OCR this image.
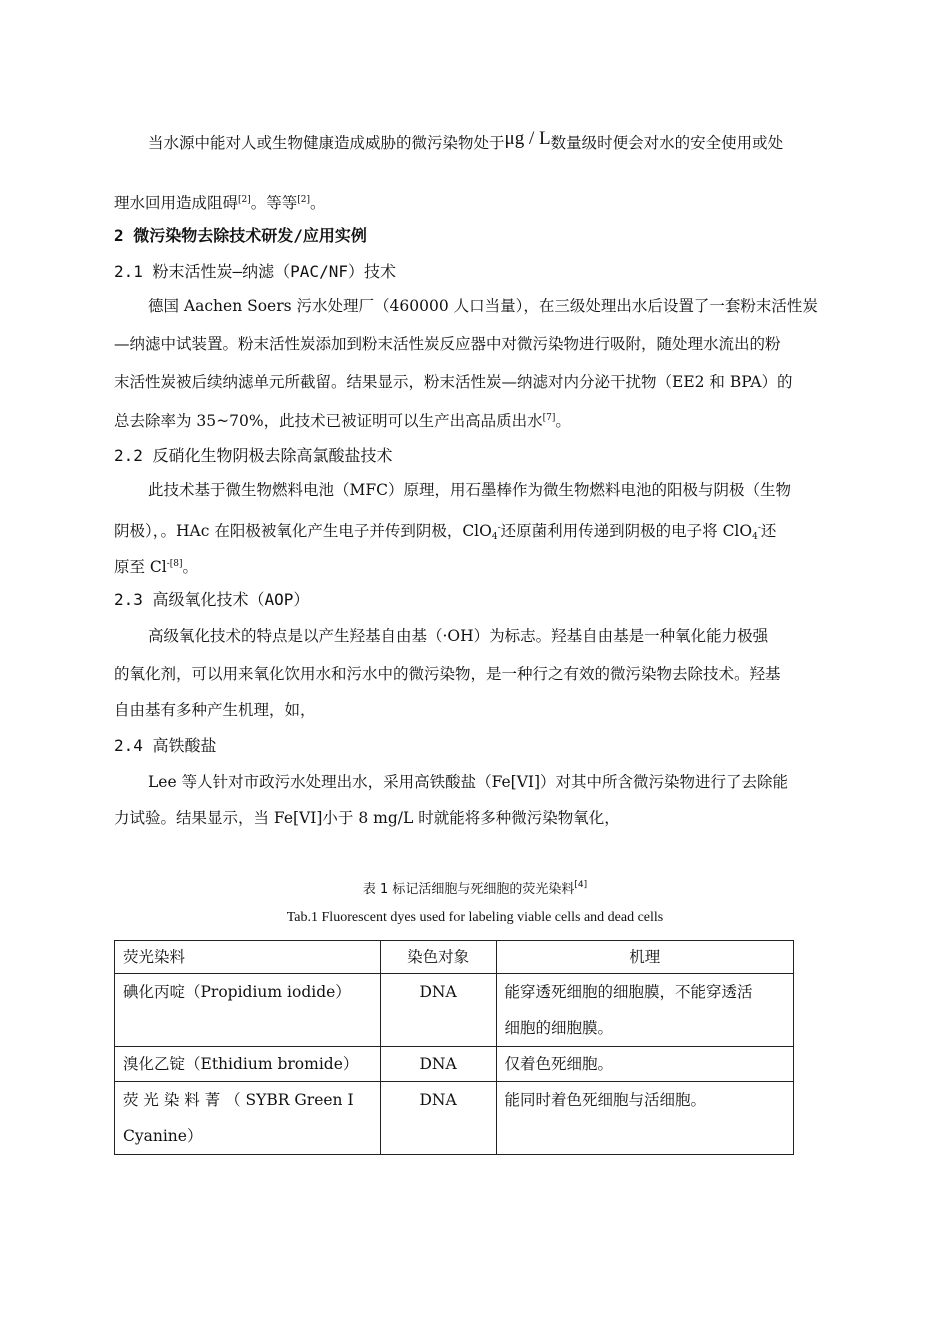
当水源中能对人或生物健康造成威胁的微污染物处于μg / L数量级时便会对水的安全使用或处
理水回用造成阻碍[2]。等等[2]。
2 微污染物去除技术研发/应用实例
2.1 粉末活性炭—纳滤（PAC/NF）技术
德国 Aachen Soers 污水处理厂（460000 人口当量），在三级处理出水后设置了一套粉末活性炭
—纳滤中试装置。粉末活性炭添加到粉末活性炭反应器中对微污染物进行吸附，随处理水流出的粉
末活性炭被后续纳滤单元所截留。结果显示，粉末活性炭—纳滤对内分泌干扰物（EE2 和 BPA）的
总去除率为 35~70%，此技术已被证明可以生产出高品质出水[7]。
2.2 反硝化生物阴极去除高氯酸盐技术
此技术基于微生物燃料电池（MFC）原理，用石墨棒作为微生物燃料电池的阳极与阴极（生物
阴极），。HAc 在阳极被氧化产生电子并传到阴极，ClO$_4$-还原菌利用传递到阴极的电子将 ClO$_4$-还
原至 $Cl^{-[8]}$。
2.3 高级氧化技术（AOP）
高级氧化技术的特点是以产生羟基自由基（·OH）为标志。羟基自由基是一种氧化能力极强
的氧化剂，可以用来氧化饮用水和污水中的微污染物，是一种行之有效的微污染物去除技术。羟基
自由基有多种产生机理，如，
2.4 高铁酸盐
Lee 等人针对市政污水处理出水，采用高铁酸盐（Fe[VI]）对其中所含微污染物进行了去除能
力试验。结果显示，当 Fe[VI]小于 8 mg/L 时就能将多种微污染物氧化，
表 1 标记活细胞与死细胞的荧光染料[4]
Tab.1 Fluorescent dyes used for labeling viable cells and dead cells
荧光染料	染色对象	机理
碘化丙啶（Propidium iodide）	DNA	能穿透死细胞的细胞膜，不能穿透活
细胞的细胞膜。

溴化乙锭（Ethidium bromide）	DNA	仅着色死细胞。

荧 光 染 料 菁 （ SYBR Green I
Cyanine）	DNA	能同时着色死细胞与活细胞。
